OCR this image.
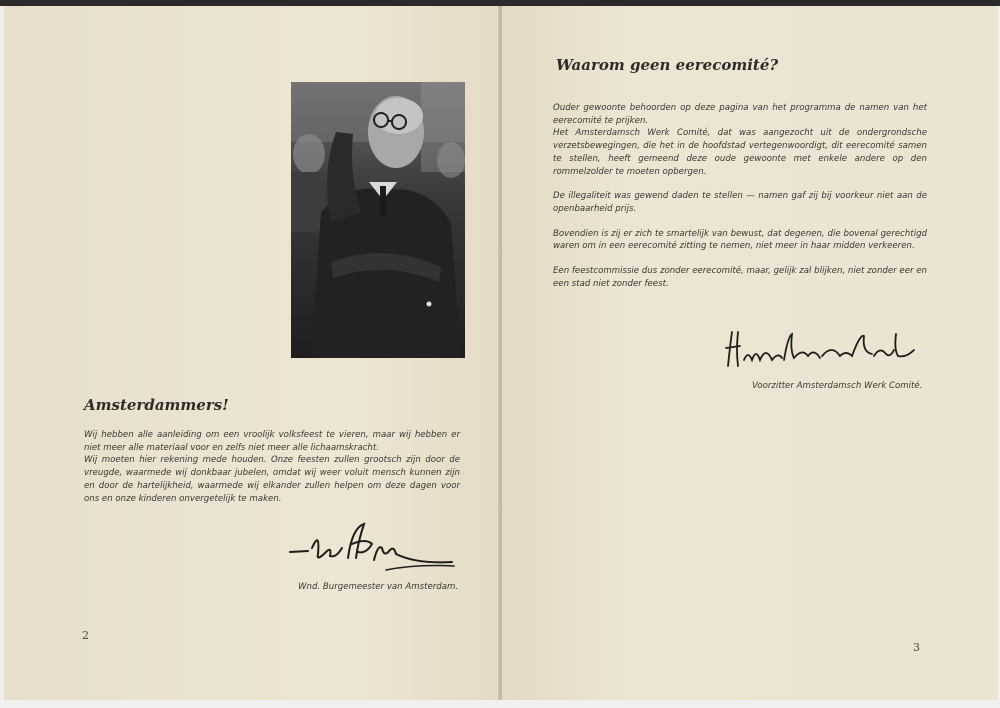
Amsterdammers!

Wij hebben alle aanleiding om een vroolijk volksfeest te vieren, maar wij hebben er niet meer alle materiaal voor en zelfs niet meer alle lichaamskracht.

Wij moeten hier rekening mede houden. Onze feesten zullen grootsch zijn door de vreugde, waarmede wij donkbaar jubelen, omdat wij weer voluit mensch kunnen zijn en door de hartelijkheid, waarmede wij elkander zullen helpen om deze dagen voor ons en onze kinderen onvergetelijk te maken.

Wnd. Burgemeester van Amsterdam.
2
Waarom geen eerecomité?

Ouder gewoonte behoorden op deze pagina van het programma de namen van het eerecomité te prijken.

Het Amsterdamsch Werk Comité, dat was aangezocht uit de ondergrondsche verzetsbewegingen, die het in de hoofdstad vertegenwoordigt, dit eerecomité samen te stellen, heeft gemeend deze oude gewoonte met enkele andere op den rommelzolder te moeten opbergen.

De illegaliteit was gewend daden te stellen — namen gaf zij bij voorkeur niet aan de openbaarheid prijs.

Bovendien is zij er zich te smartelijk van bewust, dat degenen, die bovenal gerechtigd waren om in een eerecomité zitting te nemen, niet meer in haar midden verkeeren.

Een feestcommissie dus zonder eerecomité, maar, gelijk zal blijken, niet zonder eer en een stad niet zonder feest.

Voorzitter Amsterdamsch Werk Comité.
3
